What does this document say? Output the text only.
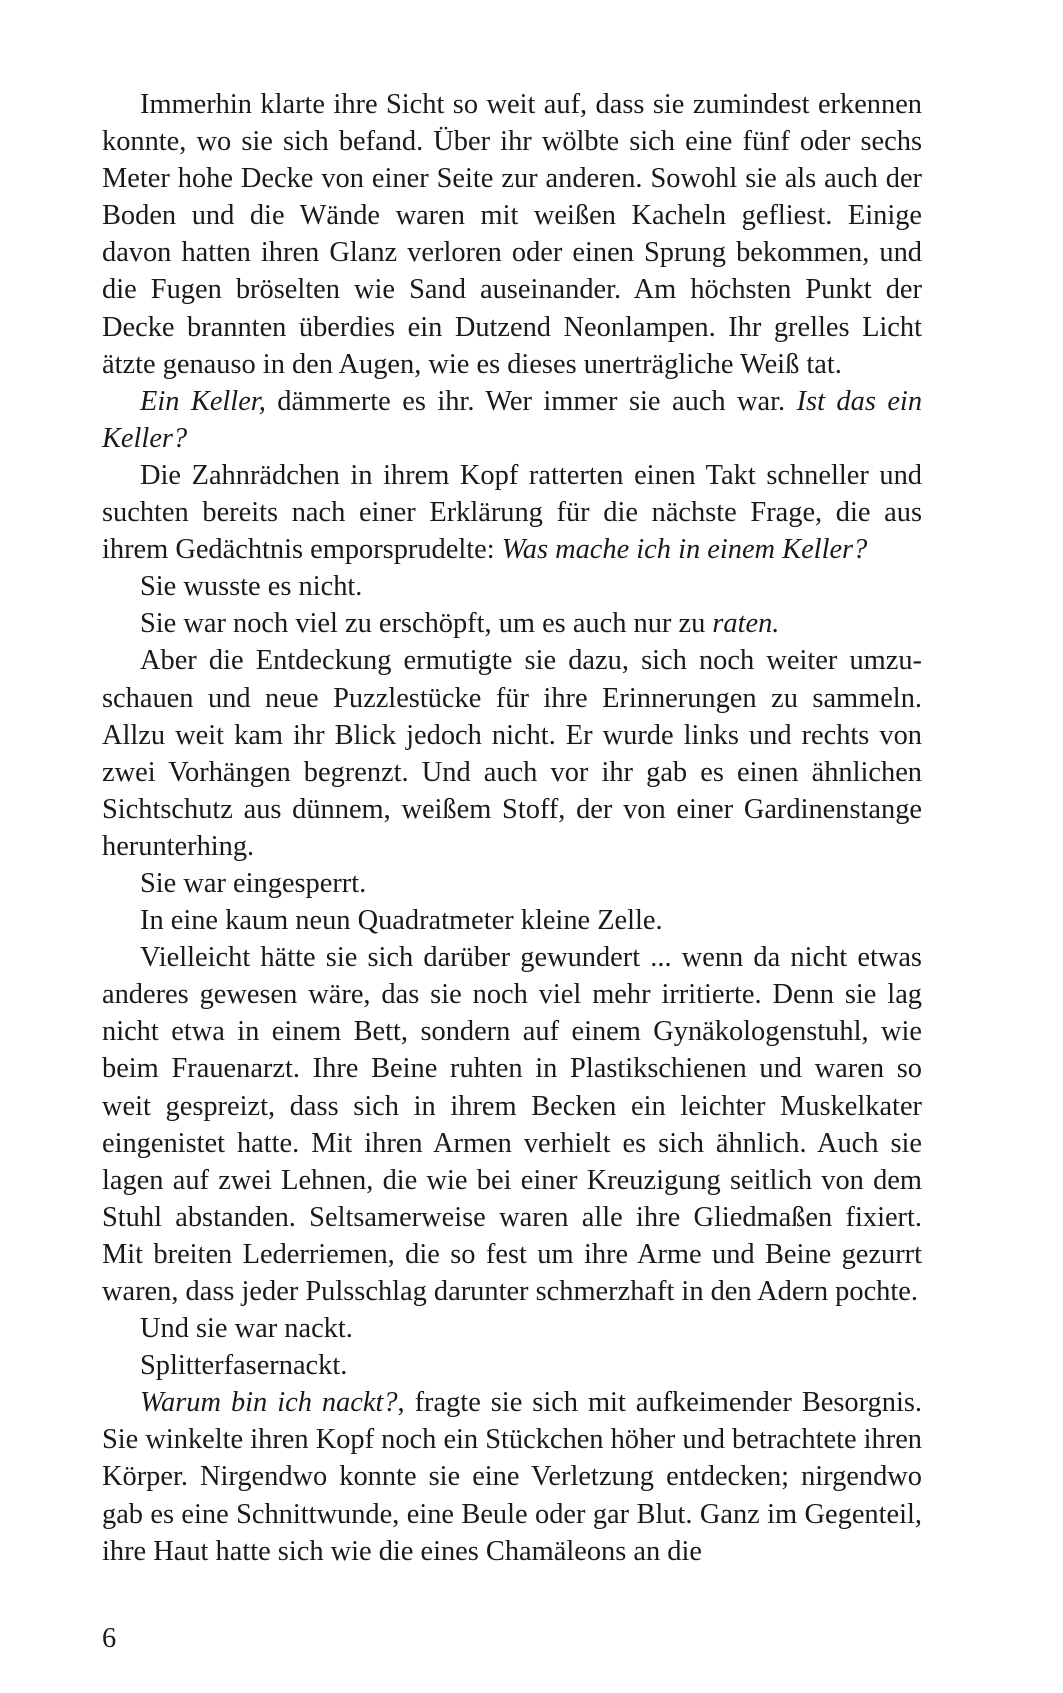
Immerhin klarte ihre Sicht so weit auf, dass sie zumindest erkennen konnte, wo sie sich befand. Über ihr wölbte sich eine fünf oder sechs Meter hohe Decke von einer Seite zur anderen. Sowohl sie als auch der Boden und die Wände waren mit weißen Kacheln gefliest. Einige davon hatten ihren Glanz verloren oder einen Sprung bekommen, und die Fugen bröselten wie Sand auseinander. Am höchsten Punkt der Decke brannten überdies ein Dutzend Neonlampen. Ihr grelles Licht ätzte genauso in den Augen, wie es dieses unerträgliche Weiß tat.

Ein Keller, dämmerte es ihr. Wer immer sie auch war. Ist das ein Keller?

Die Zahnrädchen in ihrem Kopf ratterten einen Takt schneller und suchten bereits nach einer Erklärung für die nächste Frage, die aus ihrem Gedächtnis emporsprudelte: Was mache ich in einem Keller?

Sie wusste es nicht.

Sie war noch viel zu erschöpft, um es auch nur zu raten.

Aber die Entdeckung ermutigte sie dazu, sich noch weiter umzuschauen und neue Puzzlestücke für ihre Erinnerungen zu sammeln. Allzu weit kam ihr Blick jedoch nicht. Er wurde links und rechts von zwei Vorhängen begrenzt. Und auch vor ihr gab es einen ähnlichen Sichtschutz aus dünnem, weißem Stoff, der von einer Gardinenstange herunterhing.

Sie war eingesperrt.

In eine kaum neun Quadratmeter kleine Zelle.

Vielleicht hätte sie sich darüber gewundert ... wenn da nicht etwas anderes gewesen wäre, das sie noch viel mehr irritierte. Denn sie lag nicht etwa in einem Bett, sondern auf einem Gynäkologenstuhl, wie beim Frauenarzt. Ihre Beine ruhten in Plastikschienen und waren so weit gespreizt, dass sich in ihrem Becken ein leichter Muskelkater eingenistet hatte. Mit ihren Armen verhielt es sich ähnlich. Auch sie lagen auf zwei Lehnen, die wie bei einer Kreuzigung seitlich von dem Stuhl abstanden. Seltsamerweise waren alle ihre Gliedmaßen fixiert. Mit breiten Lederriemen, die so fest um ihre Arme und Beine gezurrt waren, dass jeder Pulsschlag darunter schmerzhaft in den Adern pochte.

Und sie war nackt.

Splitterfasernackt.

Warum bin ich nackt?, fragte sie sich mit aufkeimender Besorgnis. Sie winkelte ihren Kopf noch ein Stückchen höher und betrachtete ihren Körper. Nirgendwo konnte sie eine Verletzung entdecken; nirgendwo gab es eine Schnittwunde, eine Beule oder gar Blut. Ganz im Gegenteil, ihre Haut hatte sich wie die eines Chamäleons an die

6
